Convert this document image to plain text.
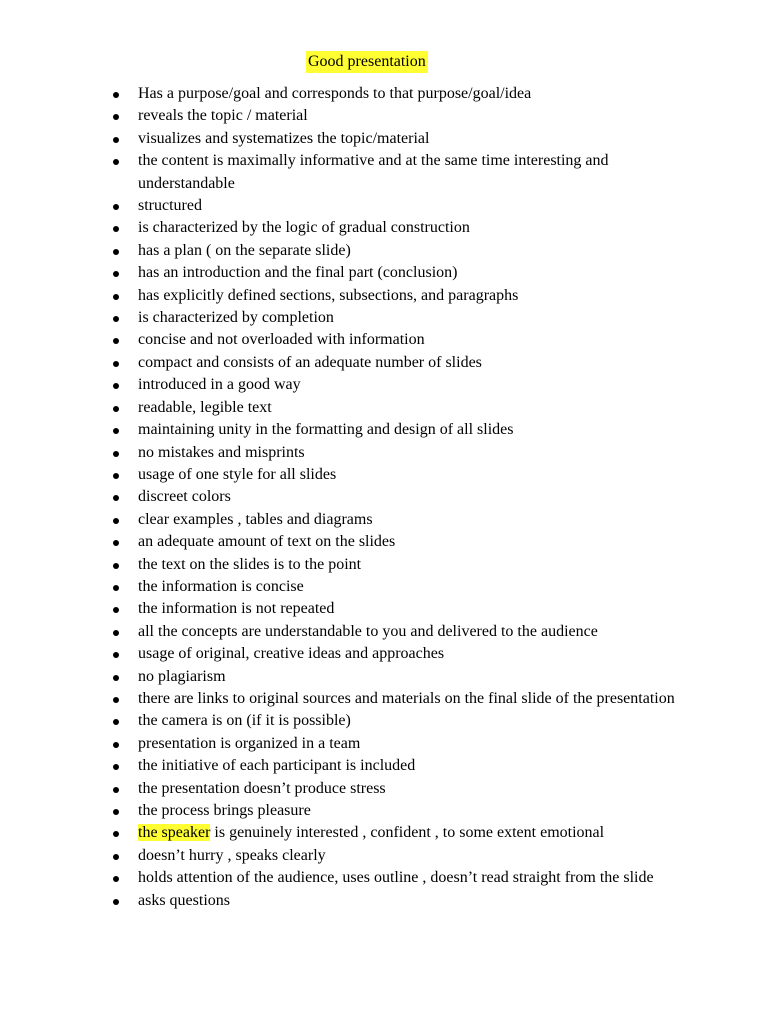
Good presentation
Has a purpose/goal and corresponds to that purpose/goal/idea
reveals the topic / material
visualizes and systematizes the topic/material
the content is maximally informative and at the same time interesting and understandable
structured
is characterized by the logic of gradual construction
has a plan ( on the separate slide)
has an introduction and the final part (conclusion)
has explicitly defined sections, subsections, and paragraphs
is characterized by completion
concise and not overloaded with information
compact and consists of an adequate number of slides
introduced in a good way
readable, legible text
maintaining unity in the formatting and design of all slides
no mistakes and misprints
usage of one style for all slides
discreet colors
clear examples , tables and diagrams
an adequate amount of text on the slides
the text on the slides is to the point
the information is concise
the information is not repeated
all the concepts are understandable to you and delivered to the audience
usage of original, creative ideas and approaches
no plagiarism
there are links to original sources and materials on the final slide of the presentation
the camera is on (if it is possible)
presentation is organized in a team
the initiative of each participant is included
the presentation doesn’t produce stress
the process brings pleasure
the speaker is genuinely interested , confident , to some extent emotional
doesn’t hurry , speaks clearly
holds attention of the audience, uses outline , doesn’t read straight from the slide
asks questions
